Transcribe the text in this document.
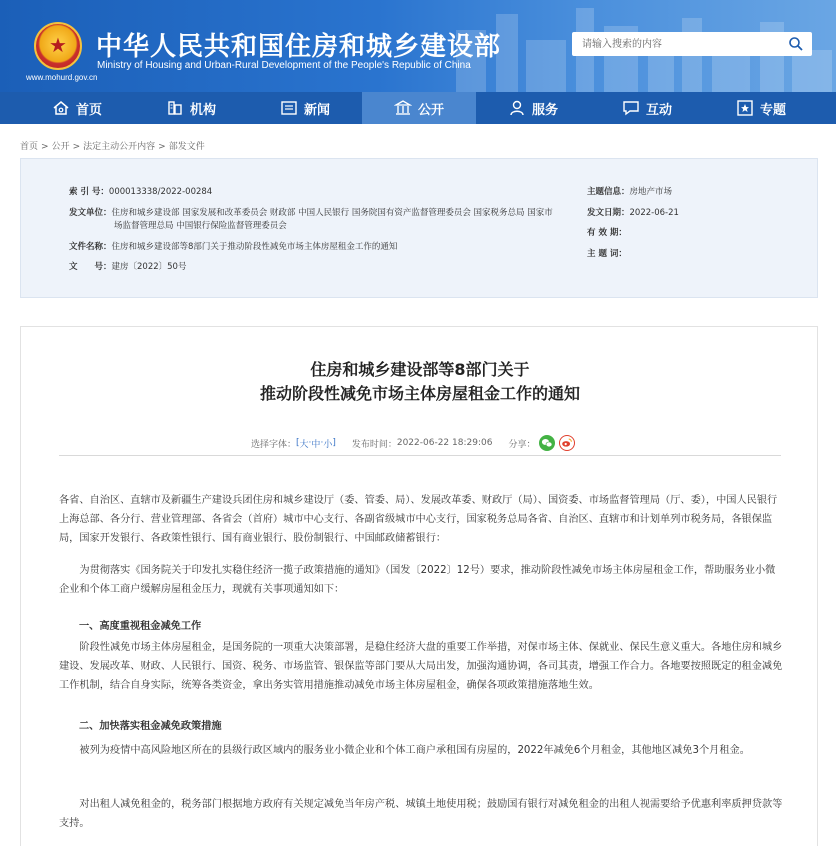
★
www.mohurd.gov.cn
中华人民共和国住房和城乡建设部
Ministry of Housing and Urban-Rural Development of the People's Republic of China
请输入搜索的内容
首页	机构	新闻	公开	服务	互动	专题
首页 > 公开 > 法定主动公开内容 > 部发文件
索 引 号：000013338/2022-00284
发文单位：住房和城乡建设部 国家发展和改革委员会 财政部 中国人民银行 国务院国有资产监督管理委员会 国家税务总局 国家市
场监督管理总局 中国银行保险监督管理委员会
文件名称：住房和城乡建设部等8部门关于推动阶段性减免市场主体房屋租金工作的通知
文　　号：建房〔2022〕50号
主题信息：房地产市场
发文日期：2022-06-21
有 效 期：
主 题 词：
住房和城乡建设部等8部门关于
推动阶段性减免市场主体房屋租金工作的通知
选择字体： [ 大 · 中 · 小 ] 发布时间： 2022-06-22 18:29:06 分享：
各省、自治区、直辖市及新疆生产建设兵团住房和城乡建设厅（委、管委、局）、发展改革委、财政厅（局）、国资委、市场监督管理局（厅、委），中国人民银行上海总部、各分行、营业管理部、各省会（首府）城市中心支行、各副省级城市中心支行，国家税务总局各省、自治区、直辖市和计划单列市税务局，各银保监局，国家开发银行、各政策性银行、国有商业银行、股份制银行、中国邮政储蓄银行：
为贯彻落实《国务院关于印发扎实稳住经济一揽子政策措施的通知》（国发〔2022〕12号）要求，推动阶段性减免市场主体房屋租金工作，帮助服务业小微企业和个体工商户缓解房屋租金压力，现就有关事项通知如下：
一、高度重视租金减免工作
阶段性减免市场主体房屋租金，是国务院的一项重大决策部署，是稳住经济大盘的重要工作举措，对保市场主体、保就业、保民生意义重大。各地住房和城乡建设、发展改革、财政、人民银行、国资、税务、市场监管、银保监等部门要从大局出发，加强沟通协调，各司其责，增强工作合力。各地要按照既定的租金减免工作机制，结合自身实际，统筹各类资金，拿出务实管用措施推动减免市场主体房屋租金，确保各项政策措施落地生效。
二、加快落实租金减免政策措施
被列为疫情中高风险地区所在的县级行政区域内的服务业小微企业和个体工商户承租国有房屋的，2022年减免6个月租金，其他地区减免3个月租金。
对出租人减免租金的，税务部门根据地方政府有关规定减免当年房产税、城镇土地使用税；鼓励国有银行对减免租金的出租人视需要给予优惠利率质押贷款等支持。
